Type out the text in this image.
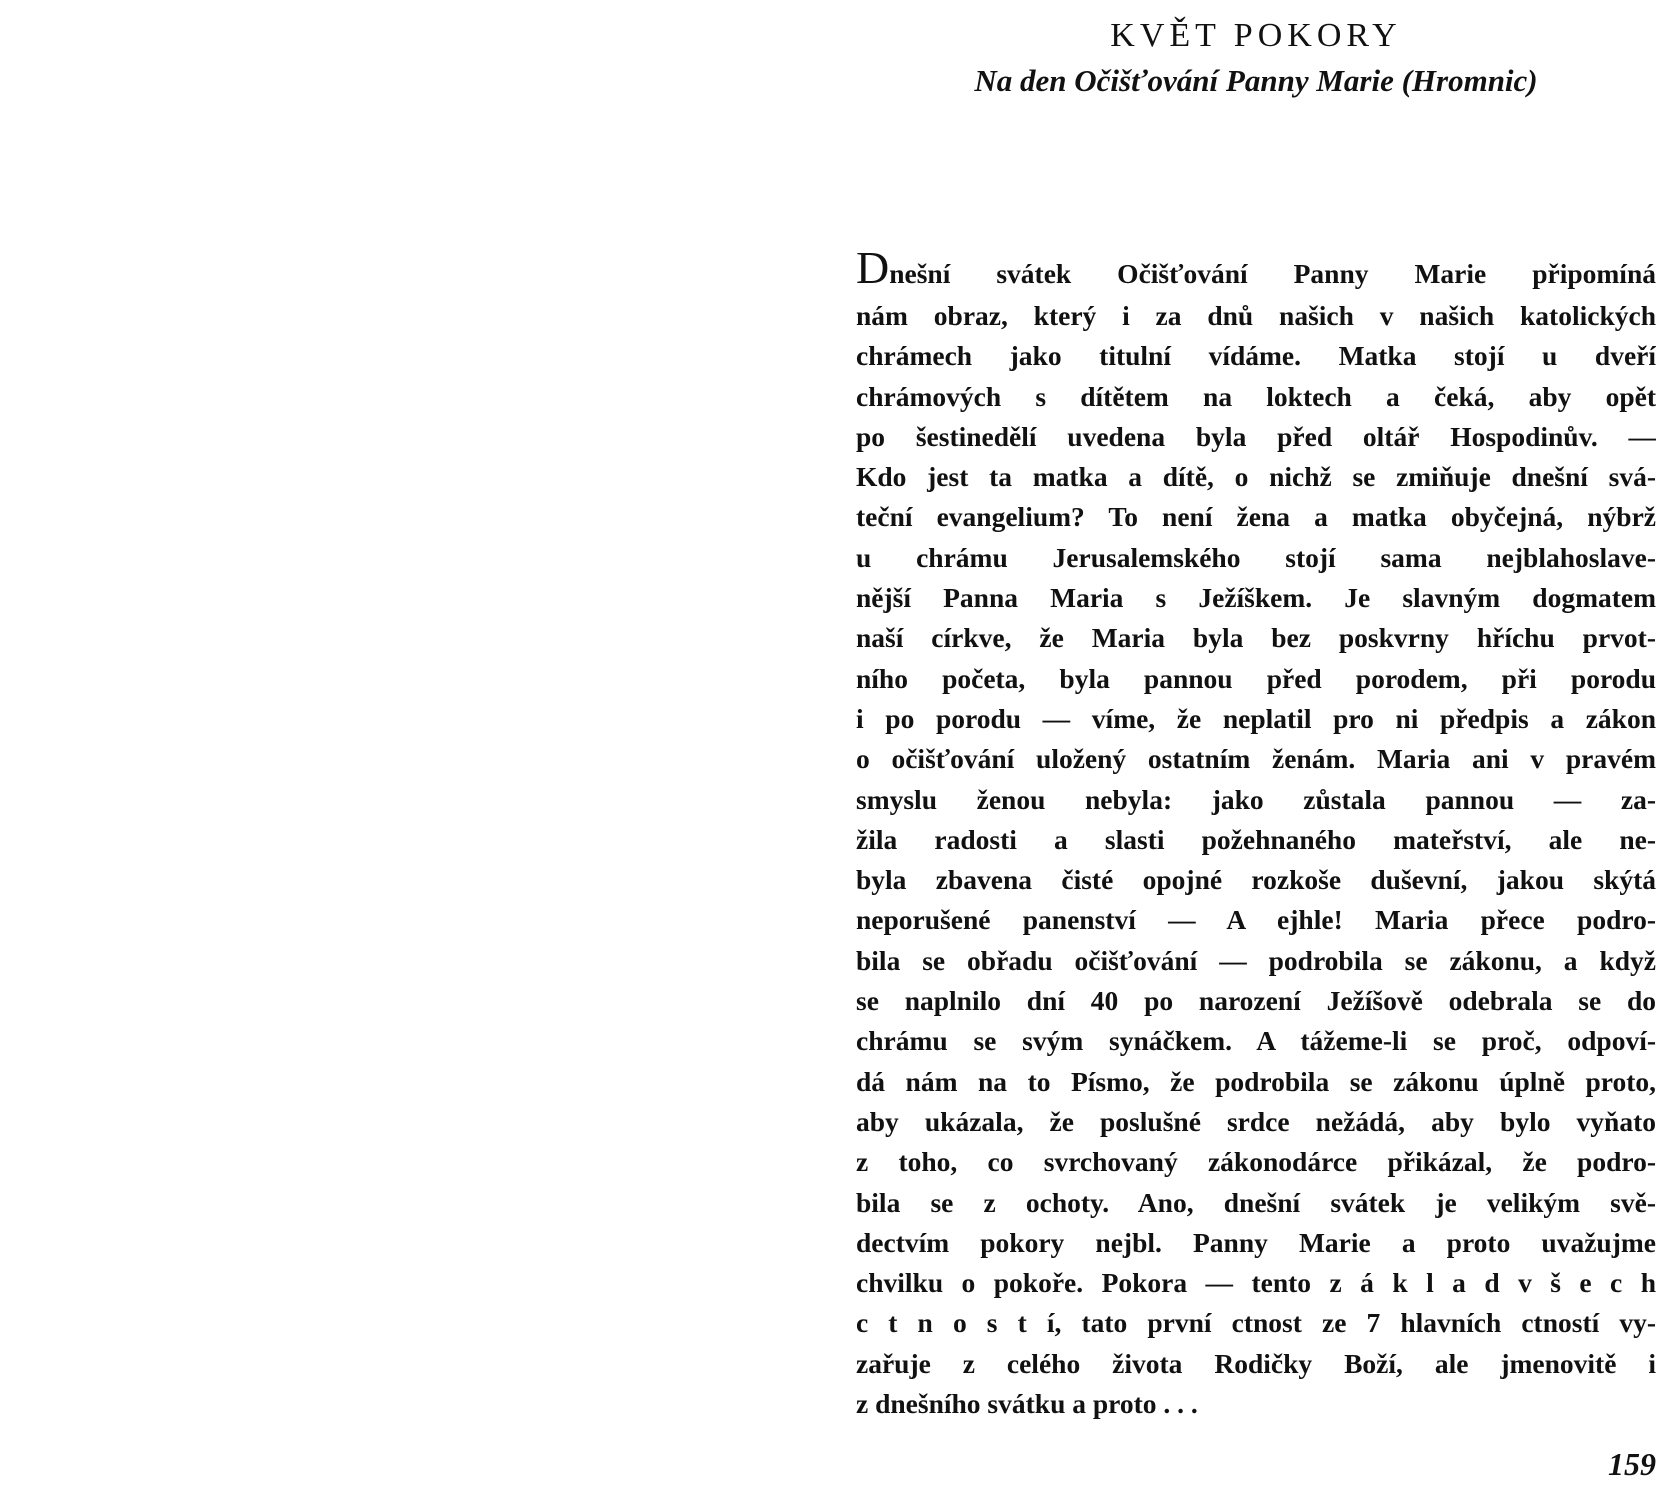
KVĚT POKORY

Na den Očišťování Panny Marie (Hromnic)

Dnešní svátek Očišťování Panny Marie připomíná
nám obraz, který i za dnů našich v našich katolických
chrámech jako titulní vídáme. Matka stojí u dveří
chrámových s dítětem na loktech a čeká, aby opět
po šestinedělí uvedena byla před oltář Hospodinův. —
Kdo jest ta matka a dítě, o nichž se zmiňuje dnešní svá-
teční evangelium? To není žena a matka obyčejná, nýbrž
u chrámu Jerusalemského stojí sama nejblahoslave-
nější Panna Maria s Ježíškem. Je slavným dogmatem
naší církve, že Maria byla bez poskvrny hříchu prvot-
ního početa, byla pannou před porodem, při porodu
i po porodu — víme, že neplatil pro ni předpis a zákon
o očišťování uložený ostatním ženám. Maria ani v pravém
smyslu ženou nebyla: jako zůstala pannou — za-
žila radosti a slasti požehnaného mateřství, ale ne-
byla zbavena čisté opojné rozkoše duševní, jakou skýtá
neporušené panenství — A ejhle! Maria přece podro-
bila se obřadu očišťování — podrobila se zákonu, a když
se naplnilo dní 40 po narození Ježíšově odebrala se do
chrámu se svým synáčkem. A tážeme-li se proč, odpoví-
dá nám na to Písmo, že podrobila se zákonu úplně proto,
aby ukázala, že poslušné srdce nežádá, aby bylo vyňato
z toho, co svrchovaný zákonodárce přikázal, že podro-
bila se z ochoty. Ano, dnešní svátek je velikým svě-
dectvím pokory nejbl. Panny Marie a proto uvažujme
chvilku o pokoře. Pokora — tento z á k l a d v š e c h
c t n o s t í, tato první ctnost ze 7 hlavních ctností vy-
zařuje z celého života Rodičky Boží, ale jmenovitě i
z dnešního svátku a proto . . .
159
